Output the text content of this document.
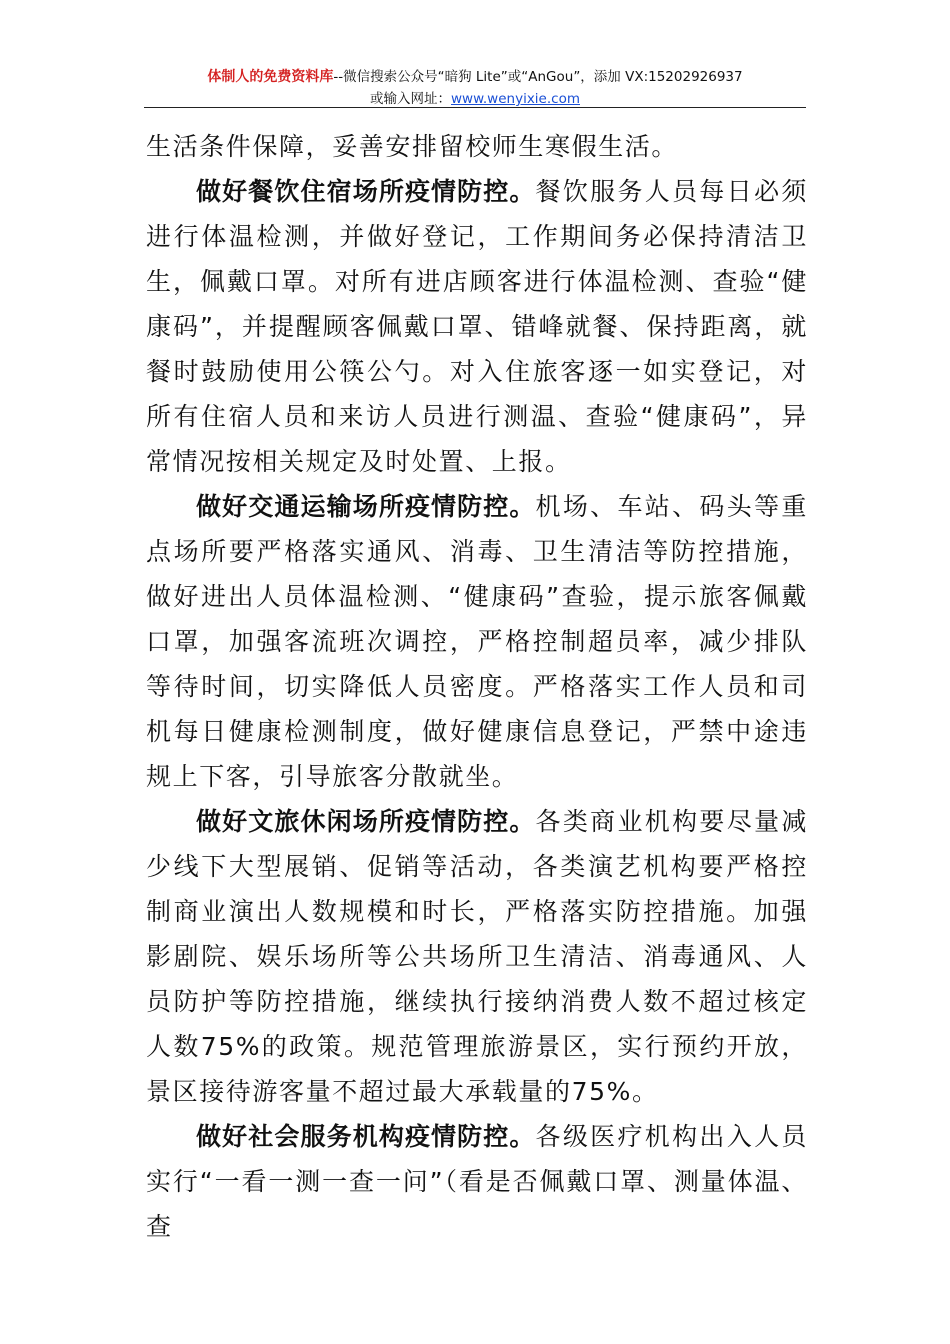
体制人的免费资料库--微信搜索公众号“暗狗 Lite”或“AnGou”，添加 VX:15202926937
或输入网址：www.wenyixie.com

生活条件保障，妥善安排留校师生寒假生活。

做好餐饮住宿场所疫情防控。餐饮服务人员每日必须进行体温检测，并做好登记，工作期间务必保持清洁卫生，佩戴口罩。对所有进店顾客进行体温检测、查验“健康码”，并提醒顾客佩戴口罩、错峰就餐、保持距离，就餐时鼓励使用公筷公勺。对入住旅客逐一如实登记，对所有住宿人员和来访人员进行测温、查验“健康码”，异常情况按相关规定及时处置、上报。

做好交通运输场所疫情防控。机场、车站、码头等重点场所要严格落实通风、消毒、卫生清洁等防控措施，做好进出人员体温检测、“健康码”查验，提示旅客佩戴口罩，加强客流班次调控，严格控制超员率，减少排队等待时间，切实降低人员密度。严格落实工作人员和司机每日健康检测制度，做好健康信息登记，严禁中途违规上下客，引导旅客分散就坐。

做好文旅休闲场所疫情防控。各类商业机构要尽量减少线下大型展销、促销等活动，各类演艺机构要严格控制商业演出人数规模和时长，严格落实防控措施。加强影剧院、娱乐场所等公共场所卫生清洁、消毒通风、人员防护等防控措施，继续执行接纳消费人数不超过核定人数75%的政策。规范管理旅游景区，实行预约开放，景区接待游客量不超过最大承载量的75%。

做好社会服务机构疫情防控。各级医疗机构出入人员实行“一看一测一查一问”（看是否佩戴口罩、测量体温、查
